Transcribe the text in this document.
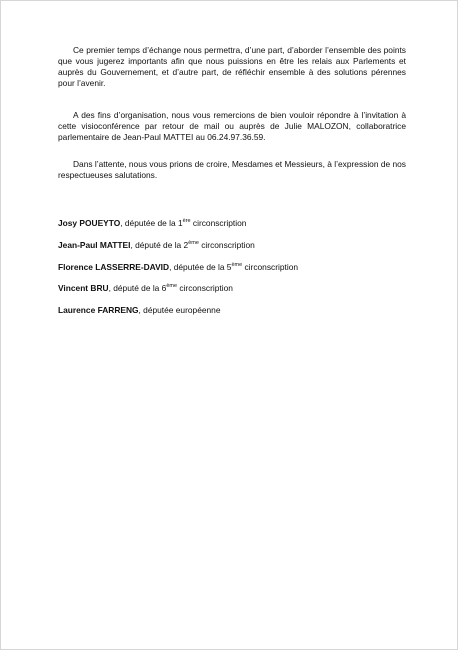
Ce premier temps d’échange nous permettra, d’une part, d’aborder l’ensemble des points que vous jugerez importants afin que nous puissions en être les relais aux Parlements et auprès du Gouvernement, et d’autre part, de réfléchir ensemble à des solutions pérennes pour l’avenir.

A des fins d’organisation, nous vous remercions de bien vouloir répondre à l’invitation à cette visioconférence par retour de mail ou auprès de Julie MALOZON, collaboratrice parlementaire de Jean-Paul MATTEI au 06.24.97.36.59.

Dans l’attente, nous vous prions de croire, Mesdames et Messieurs, à l’expression de nos respectueuses salutations.

Josy POUEYTO, députée de la 1ère circonscription
Jean-Paul MATTEI, député de la 2ème circonscription
Florence LASSERRE-DAVID, députée de la 5ème circonscription
Vincent BRU, député de la 6ème circonscription
Laurence FARRENG, députée européenne
